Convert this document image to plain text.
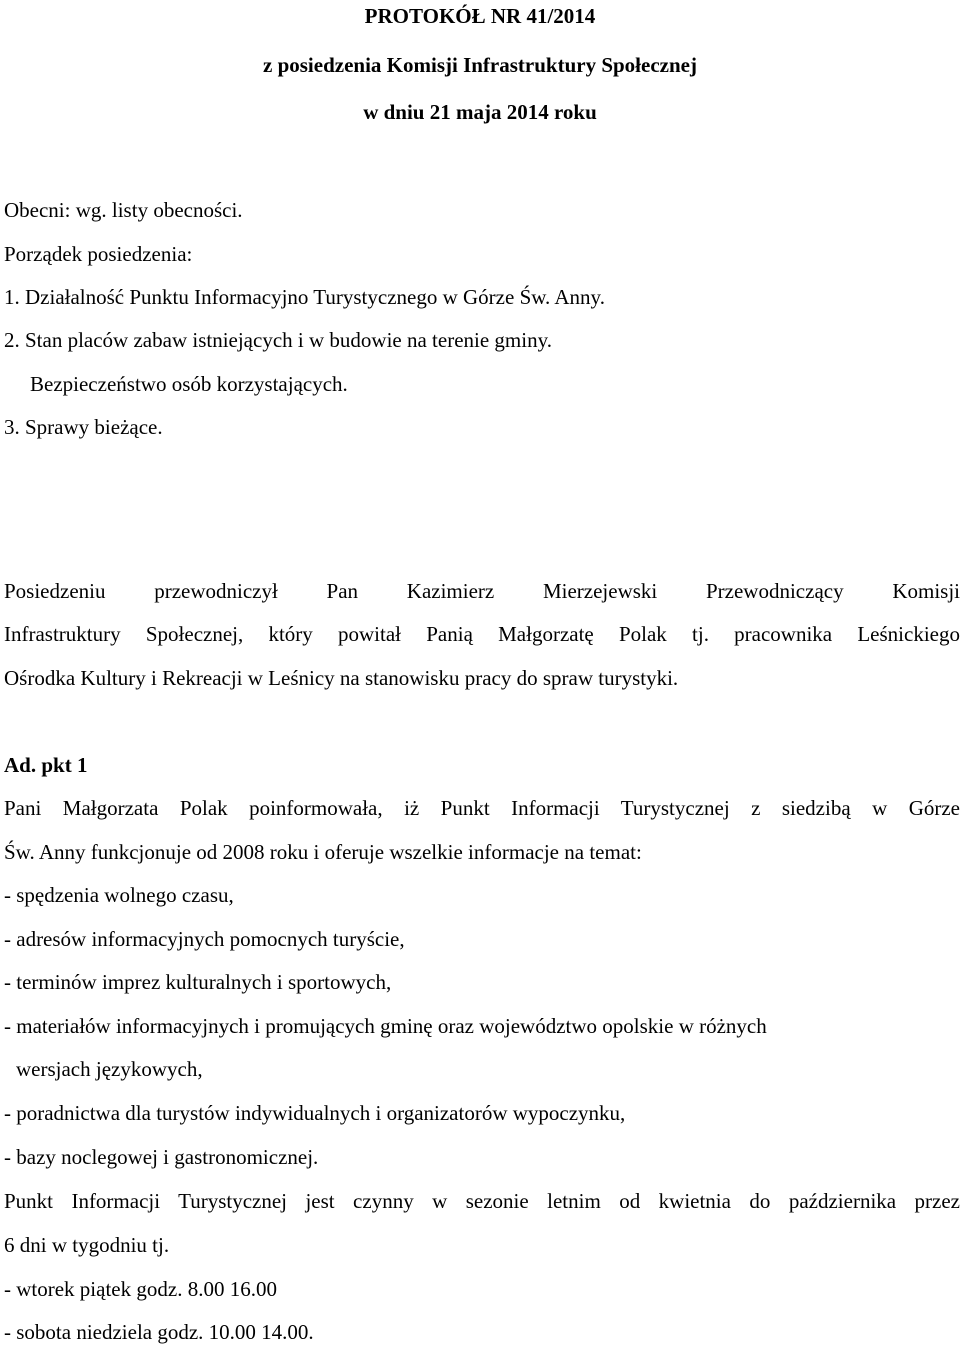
PROTOKÓŁ NR 41/2014
z posiedzenia Komisji Infrastruktury Społecznej
w dniu 21 maja 2014 roku
Obecni: wg. listy obecności.
Porządek posiedzenia:
1. Działalność Punktu Informacyjno Turystycznego w Górze Św. Anny.
2. Stan placów zabaw istniejących i w budowie na terenie gminy.
Bezpieczeństwo osób korzystających.
3. Sprawy bieżące.
Posiedzeniu przewodniczył Pan Kazimierz Mierzejewski Przewodniczący Komisji
Infrastruktury Społecznej, który powitał Panią Małgorzatę Polak tj. pracownika Leśnickiego
Ośrodka Kultury i Rekreacji w Leśnicy na stanowisku pracy do spraw turystyki.
Ad. pkt 1
Pani Małgorzata Polak poinformowała, iż Punkt Informacji Turystycznej z siedzibą w Górze
Św. Anny funkcjonuje od 2008 roku i oferuje wszelkie informacje na temat:
- spędzenia wolnego czasu,
- adresów informacyjnych pomocnych turyście,
- terminów imprez kulturalnych i sportowych,
- materiałów informacyjnych i promujących gminę oraz województwo opolskie w różnych
wersjach językowych,
- poradnictwa dla turystów indywidualnych i organizatorów wypoczynku,
- bazy noclegowej i gastronomicznej.
Punkt Informacji Turystycznej jest czynny w sezonie letnim od kwietnia do października przez
6 dni w tygodniu tj.
- wtorek piątek godz. 8.00 16.00
- sobota niedziela godz. 10.00 14.00.
